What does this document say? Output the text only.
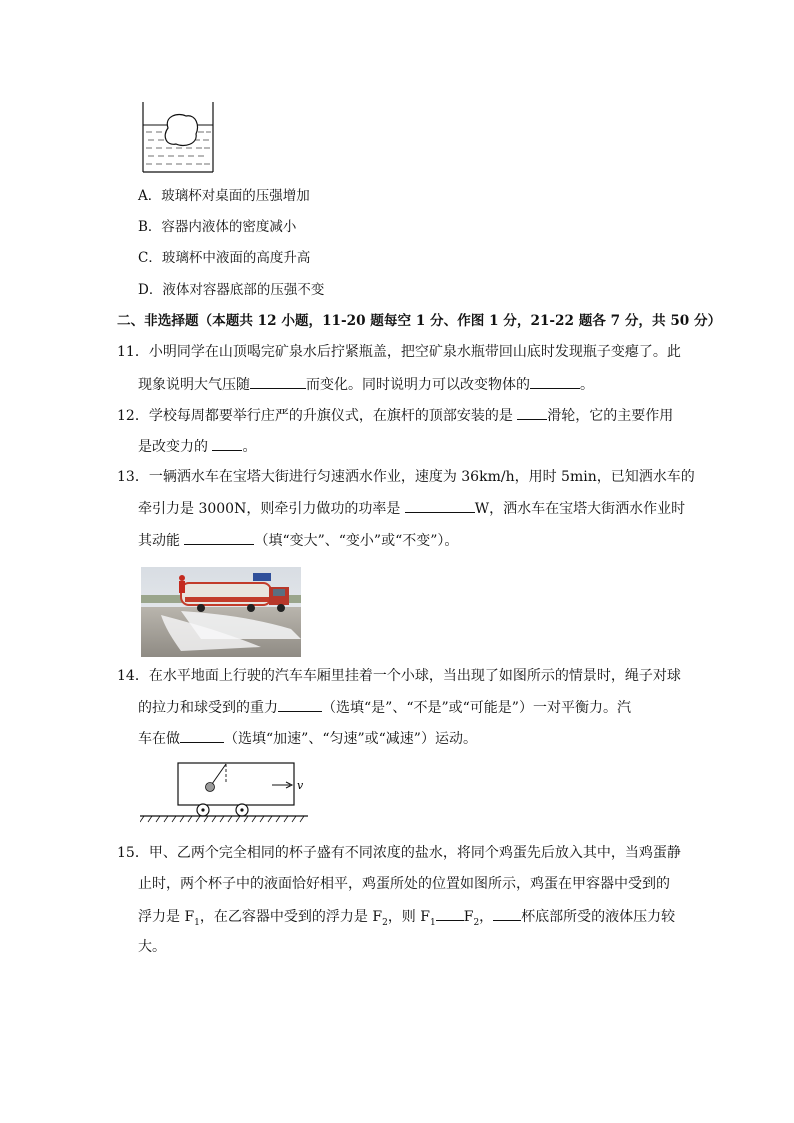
A．玻璃杯对桌面的压强增加
B．容器内液体的密度减小
C．玻璃杯中液面的高度升高
D．液体对容器底部的压强不变
二、非选择题（本题共 12 小题，11-20 题每空 1 分、作图 1 分，21-22 题各 7 分，共 50 分）
11．小明同学在山顶喝完矿泉水后拧紧瓶盖，把空矿泉水瓶带回山底时发现瓶子变瘪了。此
现象说明大气压随	而变化。同时说明力可以改变物体的	。
12．学校每周都要举行庄严的升旗仪式，在旗杆的顶部安装的是 滑轮，它的主要作用
是改变力的 。
13．一辆洒水车在宝塔大街进行匀速洒水作业，速度为 36km/h，用时 5min，已知洒水车的
牵引力是 3000N，则牵引力做功的功率是	W，洒水车在宝塔大街洒水作业时
其动能	（填“变大”、“变小”或“不变”）。
14．在水平地面上行驶的汽车车厢里挂着一个小球，当出现了如图所示的情景时，绳子对球
的拉力和球受到的重力	（选填“是”、“不是”或“可能是”）一对平衡力。汽
车在做	（选填“加速”、“匀速”或“减速”）运动。
v
15．甲、乙两个完全相同的杯子盛有不同浓度的盐水，将同个鸡蛋先后放入其中，当鸡蛋静
止时，两个杯子中的液面恰好相平，鸡蛋所处的位置如图所示，鸡蛋在甲容器中受到的
浮力是 $F_1$，在乙容器中受到的浮力是 $F_2$，则 $F_1$ $F_2$， 杯底部所受的液体压力较
大。
